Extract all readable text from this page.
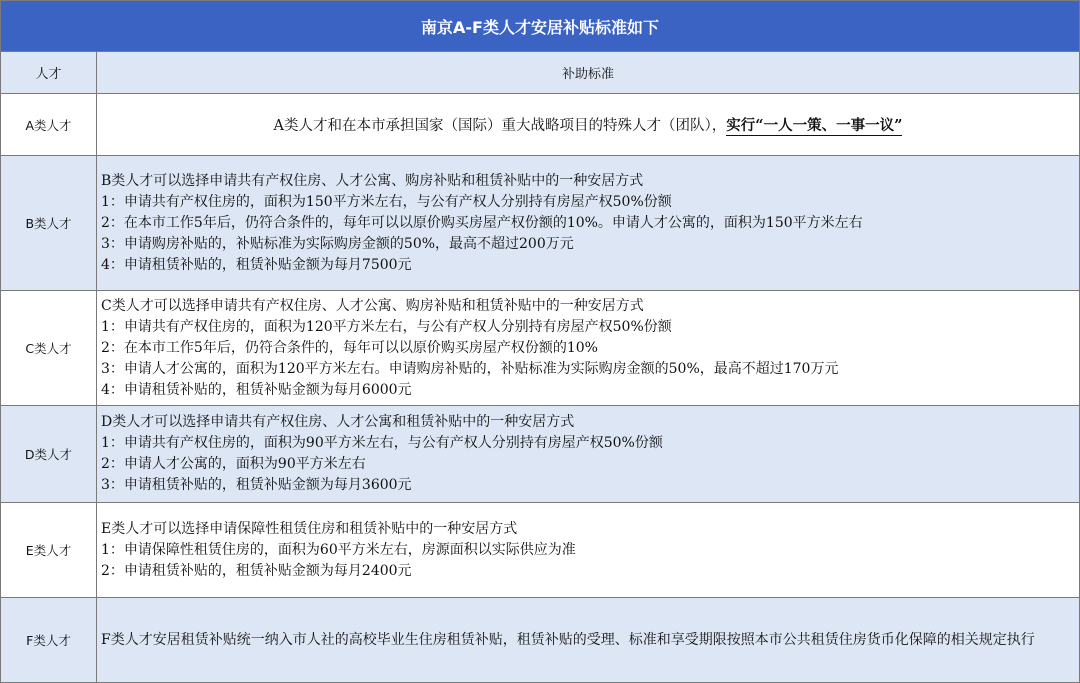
南京A-F类人才安居补贴标准如下	
人才	补助标准
A类人才	A类人才和在本市承担国家（国际）重大战略项目的特殊人才（团队），实行“一人一策、一事一议”
B类人才	B类人才可以选择申请共有产权住房、人才公寓、购房补贴和租赁补贴中的一种安居方式
1：申请共有产权住房的，面积为150平方米左右，与公有产权人分别持有房屋产权50%份额
2：在本市工作5年后，仍符合条件的，每年可以以原价购买房屋产权份额的10%。申请人才公寓的，面积为150平方米左右
3：申请购房补贴的，补贴标准为实际购房金额的50%，最高不超过200万元
4：申请租赁补贴的，租赁补贴金额为每月7500元

C类人才	C类人才可以选择申请共有产权住房、人才公寓、购房补贴和租赁补贴中的一种安居方式
1：申请共有产权住房的，面积为120平方米左右，与公有产权人分别持有房屋产权50%份额
2：在本市工作5年后，仍符合条件的，每年可以以原价购买房屋产权份额的10%
3：申请人才公寓的，面积为120平方米左右。申请购房补贴的，补贴标准为实际购房金额的50%，最高不超过170万元
4：申请租赁补贴的，租赁补贴金额为每月6000元

D类人才	D类人才可以选择申请共有产权住房、人才公寓和租赁补贴中的一种安居方式
1：申请共有产权住房的，面积为90平方米左右，与公有产权人分别持有房屋产权50%份额
2：申请人才公寓的，面积为90平方米左右
3：申请租赁补贴的，租赁补贴金额为每月3600元

E类人才	E类人才可以选择申请保障性租赁住房和租赁补贴中的一种安居方式
1：申请保障性租赁住房的，面积为60平方米左右，房源面积以实际供应为准
2：申请租赁补贴的，租赁补贴金额为每月2400元

F类人才	F类人才安居租赁补贴统一纳入市人社的高校毕业生住房租赁补贴，租赁补贴的受理、标准和享受期限按照本市公共租赁住房货币化保障的相关规定执行
